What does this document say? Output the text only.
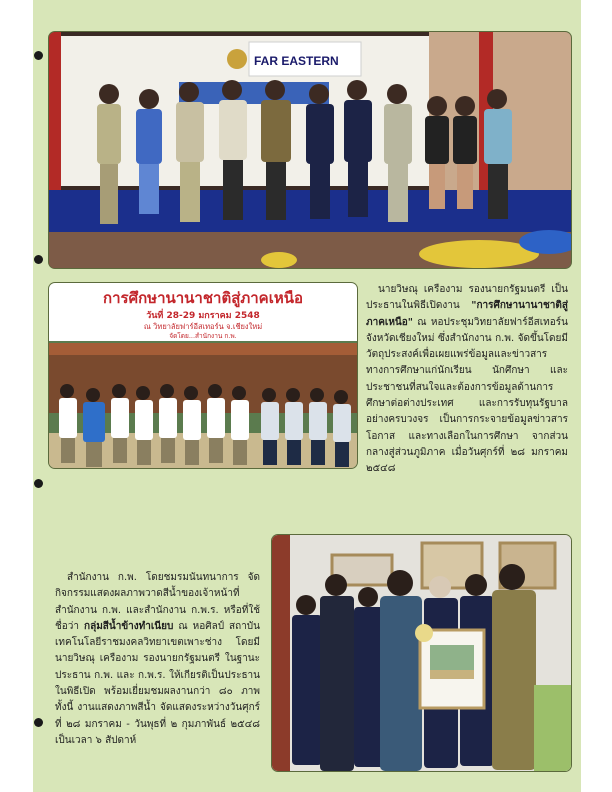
FAR EASTERN
การศึกษานานาชาติสู่ภาคเหนือ
วันที่ 28-29 มกราคม 2548
ณ วิทยาลัยฟาร์อีสเทอร์น จ.เชียงใหม่
จัดโดย...สำนักงาน ก.พ.

นายวิษณุ เครืองาม รองนายกรัฐมนตรี เป็นประธานในพิธีเปิดงาน "การศึกษานานาชาติสู่ภาคเหนือ" ณ หอประชุมวิทยาลัยฟาร์อีสเทอร์น จังหวัดเชียงใหม่ ซึ่งสำนักงาน ก.พ. จัดขึ้นโดยมีวัตถุประสงค์เพื่อเผยแพร่ข้อมูลและข่าวสารทางการศึกษาแก่นักเรียน นักศึกษา และประชาชนที่สนใจและต้องการข้อมูลด้านการศึกษาต่อต่างประเทศ และการรับทุนรัฐบาลอย่างครบวงจร เป็นการกระจายข้อมูลข่าวสารโอกาส และทางเลือกในการศึกษา จากส่วนกลางสู่ส่วนภูมิภาค เมื่อวันศุกร์ที่ ๒๘ มกราคม ๒๕๔๘

สำนักงาน ก.พ. โดยชมรมนันทนาการ จัดกิจกรรมแสดงผลภาพวาดสีน้ำของเจ้าหน้าที่สำนักงาน ก.พ. และสำนักงาน ก.พ.ร. หรือที่ใช้ชื่อว่า กลุ่มสีน้ำข้างทำเนียบ ณ หอศิลป์ สถาบันเทคโนโลยีราชมงคลวิทยาเขตเพาะช่าง โดยมีนายวิษณุ เครืองาม รองนายกรัฐมนตรี ในฐานะประธาน ก.พ. และ ก.พ.ร. ให้เกียรติเป็นประธานในพิธีเปิด พร้อมเยี่ยมชมผลงานกว่า ๘๐ ภาพ ทั้งนี้ งานแสดงภาพสีน้ำ จัดแสดงระหว่างวันศุกร์ที่ ๒๘ มกราคม - วันพุธที่ ๒ กุมภาพันธ์ ๒๕๔๘ เป็นเวลา ๖ สัปดาห์
